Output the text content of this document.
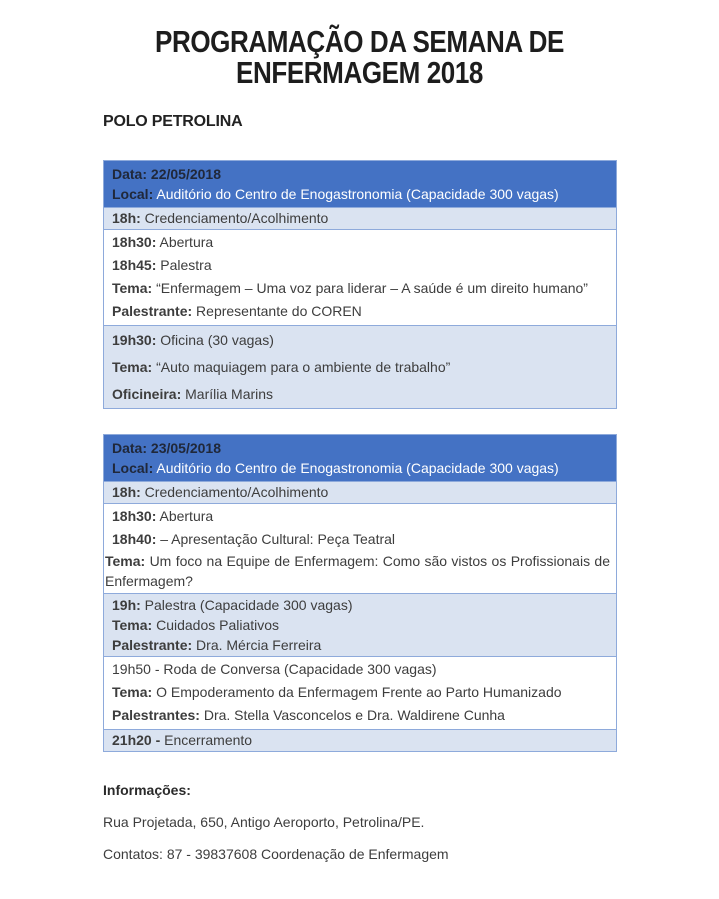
PROGRAMAÇÃO DA SEMANA DE
ENFERMAGEM 2018

POLO PETROLINA

Data: 22/05/2018

Local: Auditório do Centro de Enogastronomia (Capacidade 300 vagas)

18h: Credenciamento/Acolhimento

18h30: Abertura

18h45: Palestra

Tema: “Enfermagem – Uma voz para liderar – A saúde é um direito humano”

Palestrante: Representante do COREN

19h30: Oficina (30 vagas)

Tema: “Auto maquiagem para o ambiente de trabalho”

Oficineira: Marília Marins

Data: 23/05/2018

Local: Auditório do Centro de Enogastronomia (Capacidade 300 vagas)

18h: Credenciamento/Acolhimento

18h30: Abertura

18h40: – Apresentação Cultural: Peça Teatral

Tema: Um foco na Equipe de Enfermagem: Como são vistos os Profissionais de Enfermagem?

19h: Palestra (Capacidade 300 vagas)

Tema: Cuidados Paliativos

Palestrante: Dra. Mércia Ferreira

19h50 - Roda de Conversa (Capacidade 300 vagas)

Tema: O Empoderamento da Enfermagem Frente ao Parto Humanizado

Palestrantes: Dra. Stella Vasconcelos e Dra. Waldirene Cunha

21h20 - Encerramento

Informações:

Rua Projetada, 650, Antigo Aeroporto, Petrolina/PE.

Contatos: 87 - 39837608 Coordenação de Enfermagem
